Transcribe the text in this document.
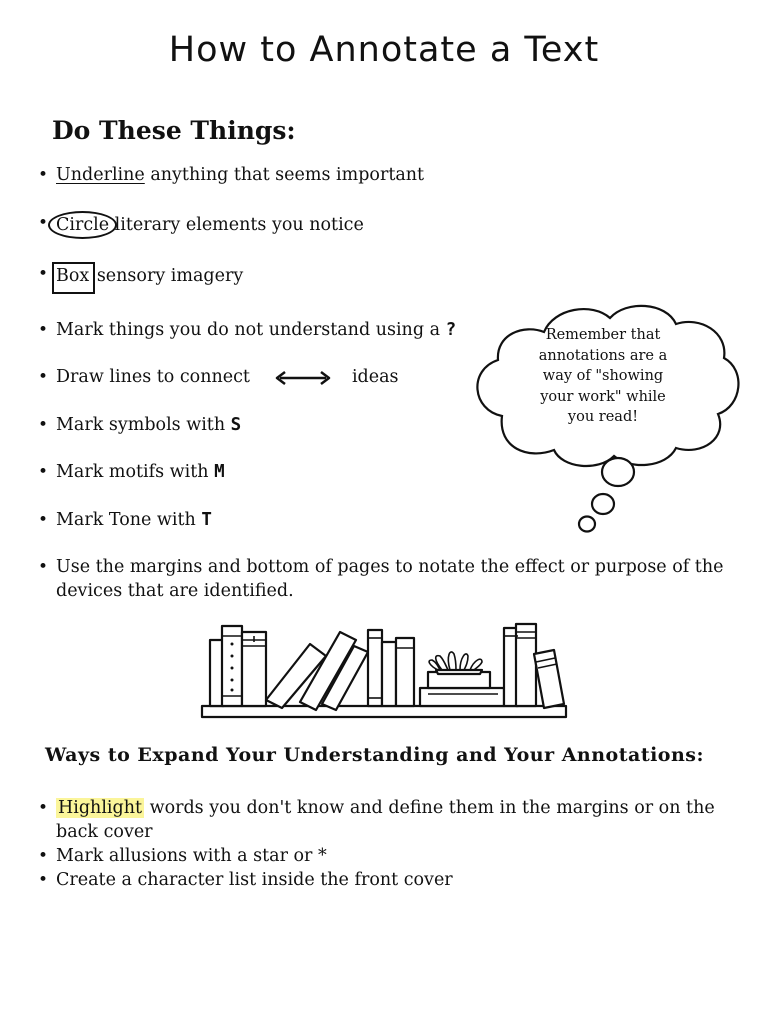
How to Annotate a Text
Do These Things:
• Underline anything that seems important
• Circle literary elements you notice
• Box sensory imagery
• Mark things you do not understand using a ?
• Draw lines to connect	ideas
• Mark symbols with S
• Mark motifs with M
• Mark Tone with T
• Use the margins and bottom of pages to notate the effect or purpose of the devices that are identified.
Remember that
annotations are a
way of "showing
your work" while
you read!
Ways to Expand Your Understanding and Your Annotations:
• Highlight words you don't know and define them in the margins or on the back cover
• Mark allusions with a star or *
• Create a character list inside the front cover
